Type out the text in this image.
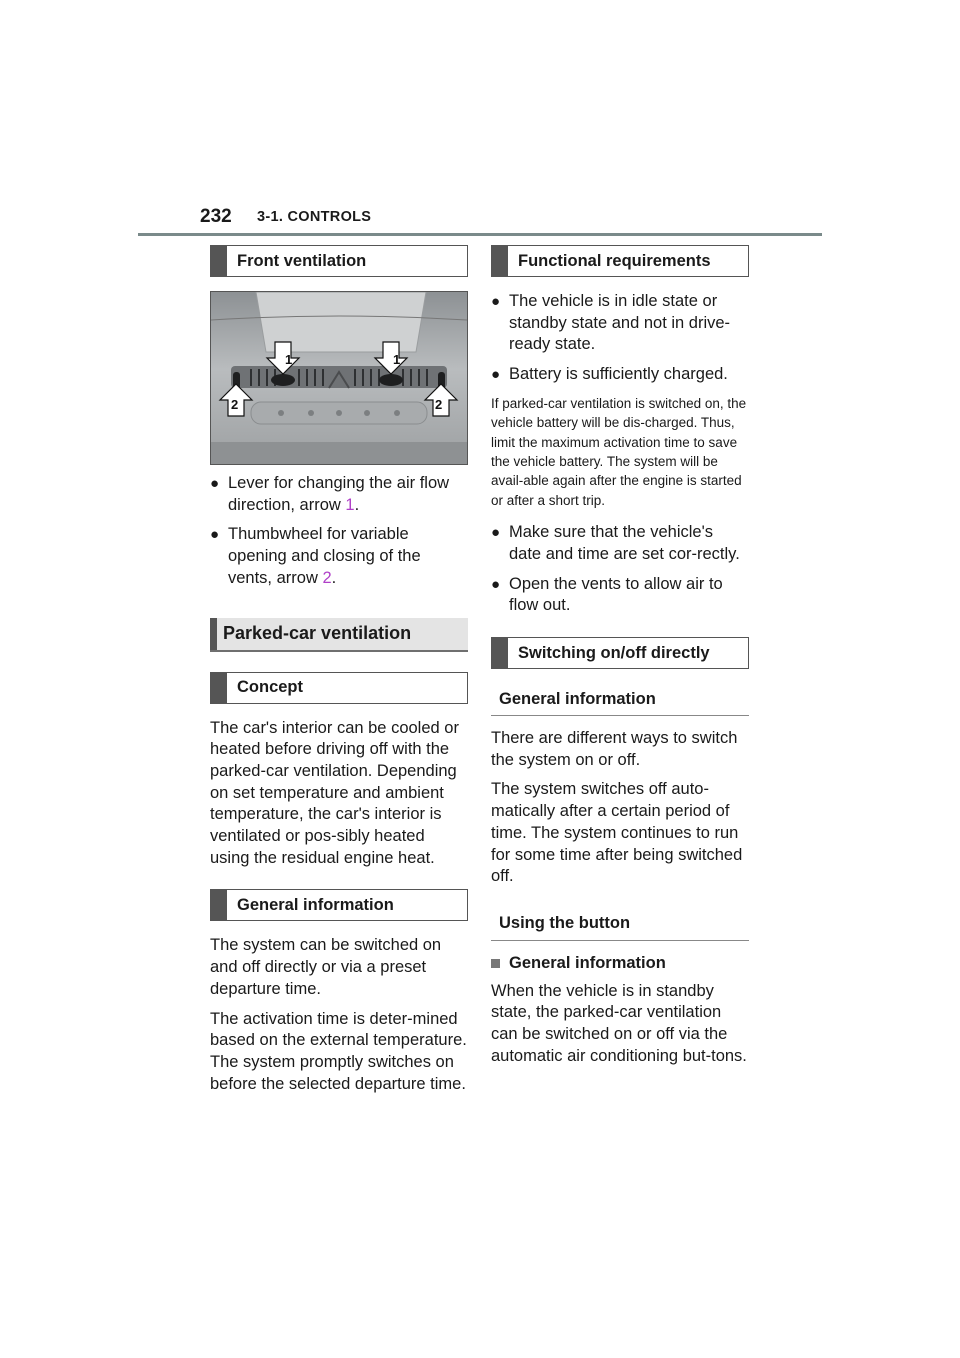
232 3-1. CONTROLS
Front ventilation
1	1
2	2
● Lever for changing the air flow direction, arrow 1.
● Thumbwheel for variable opening and closing of the vents, arrow 2.
Parked-car ventilation
Concept

The car's interior can be cooled or heated before driving off with the parked-car ventilation. Depending on set temperature and ambient temperature, the car's interior is ventilated or pos-sibly heated using the residual engine heat.

General information

The system can be switched on and off directly or via a preset departure time.

The activation time is deter-mined based on the external temperature. The system promptly switches on before the selected departure time.

Functional requirements
● The vehicle is in idle state or standby state and not in drive-ready state.
● Battery is sufficiently charged.

If parked-car ventilation is switched on, the vehicle battery will be dis-charged. Thus, limit the maximum activation time to save the vehicle battery. The system will be avail-able again after the engine is started or after a short trip.

● Make sure that the vehicle's date and time are set cor-rectly.
● Open the vents to allow air to flow out.
Switching on/off directly
General information

There are different ways to switch the system on or off.

The system switches off auto-matically after a certain period of time. The system continues to run for some time after being switched off.

Using the button
General information

When the vehicle is in standby state, the parked-car ventilation can be switched on or off via the automatic air conditioning but-tons.
